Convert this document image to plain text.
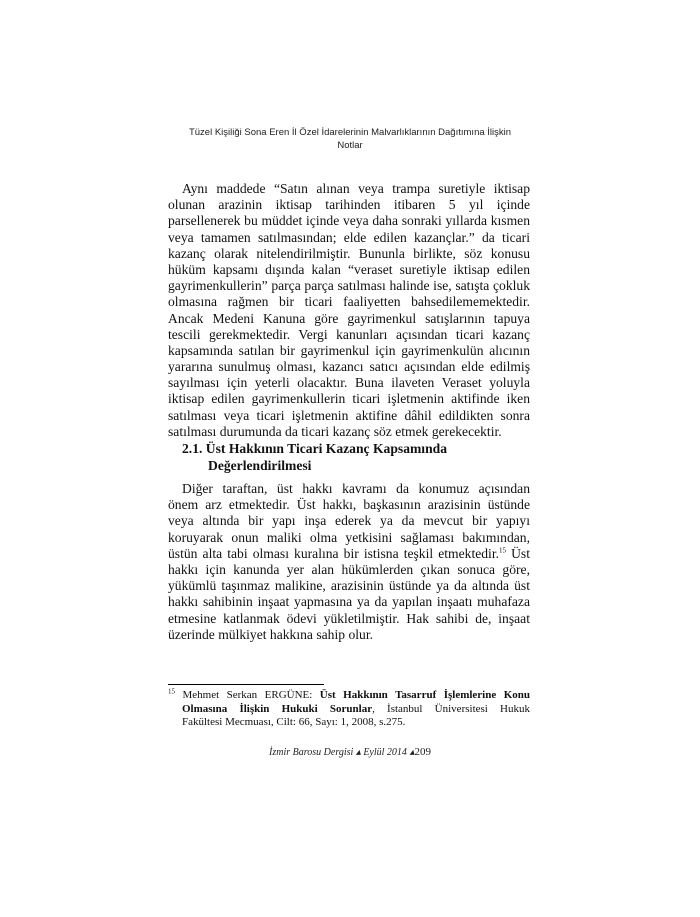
Tüzel Kişiliği Sona Eren İl Özel İdarelerinin Malvarlıklarının Dağıtımına İlişkin
Notlar
Aynı maddede “Satın alınan veya trampa suretiyle iktisap
olunan arazinin iktisap tarihinden itibaren 5 yıl içinde
parsellenerek bu müddet içinde veya daha sonraki yıllarda kısmen
veya tamamen satılmasından; elde edilen kazançlar.” da ticari
kazanç olarak nitelendirilmiştir. Bununla birlikte, söz konusu
hüküm kapsamı dışında kalan “veraset suretiyle iktisap edilen
gayrimenkullerin” parça parça satılması halinde ise, satışta çokluk
olmasına rağmen bir ticari faaliyetten bahsedilememektedir.
Ancak Medeni Kanuna göre gayrimenkul satışlarının tapuya
tescili gerekmektedir. Vergi kanunları açısından ticari kazanç
kapsamında satılan bir gayrimenkul için gayrimenkulün alıcının
yararına sunulmuş olması, kazancı satıcı açısından elde edilmiş
sayılması için yeterli olacaktır. Buna ilaveten Veraset yoluyla
iktisap edilen gayrimenkullerin ticari işletmenin aktifinde iken
satılması veya ticari işletmenin aktifine dâhil edildikten sonra
satılması durumunda da ticari kazanç söz etmek gerekecektir.
2.1. Üst Hakkının Ticari Kazanç Kapsamında
Değerlendirilmesi
Diğer taraftan, üst hakkı kavramı da konumuz açısından
önem arz etmektedir. Üst hakkı, başkasının arazisinin üstünde
veya altında bir yapı inşa ederek ya da mevcut bir yapıyı
koruyarak onun maliki olma yetkisini sağlaması bakımından,
üstün alta tabi olması kuralına bir istisna teşkil etmektedir.$^{15}$ Üst
hakkı için kanunda yer alan hükümlerden çıkan sonuca göre,
yükümlü taşınmaz malikine, arazisinin üstünde ya da altında üst
hakkı sahibinin inşaat yapmasına ya da yapılan inşaatı muhafaza
etmesine katlanmak ödevi yükletilmiştir. Hak sahibi de, inşaat
üzerinde mülkiyet hakkına sahip olur.
$^{15}$ Mehmet Serkan ERGÜNE: Üst Hakkının Tasarruf İşlemlerine Konu
Olmasına İlişkin Hukuki Sorunlar, İstanbul Üniversitesi Hukuk
Fakültesi Mecmuası, Cilt: 66, Sayı: 1, 2008, s.275.
İzmir Barosu Dergisi ▴ Eylül 2014 ▴209
